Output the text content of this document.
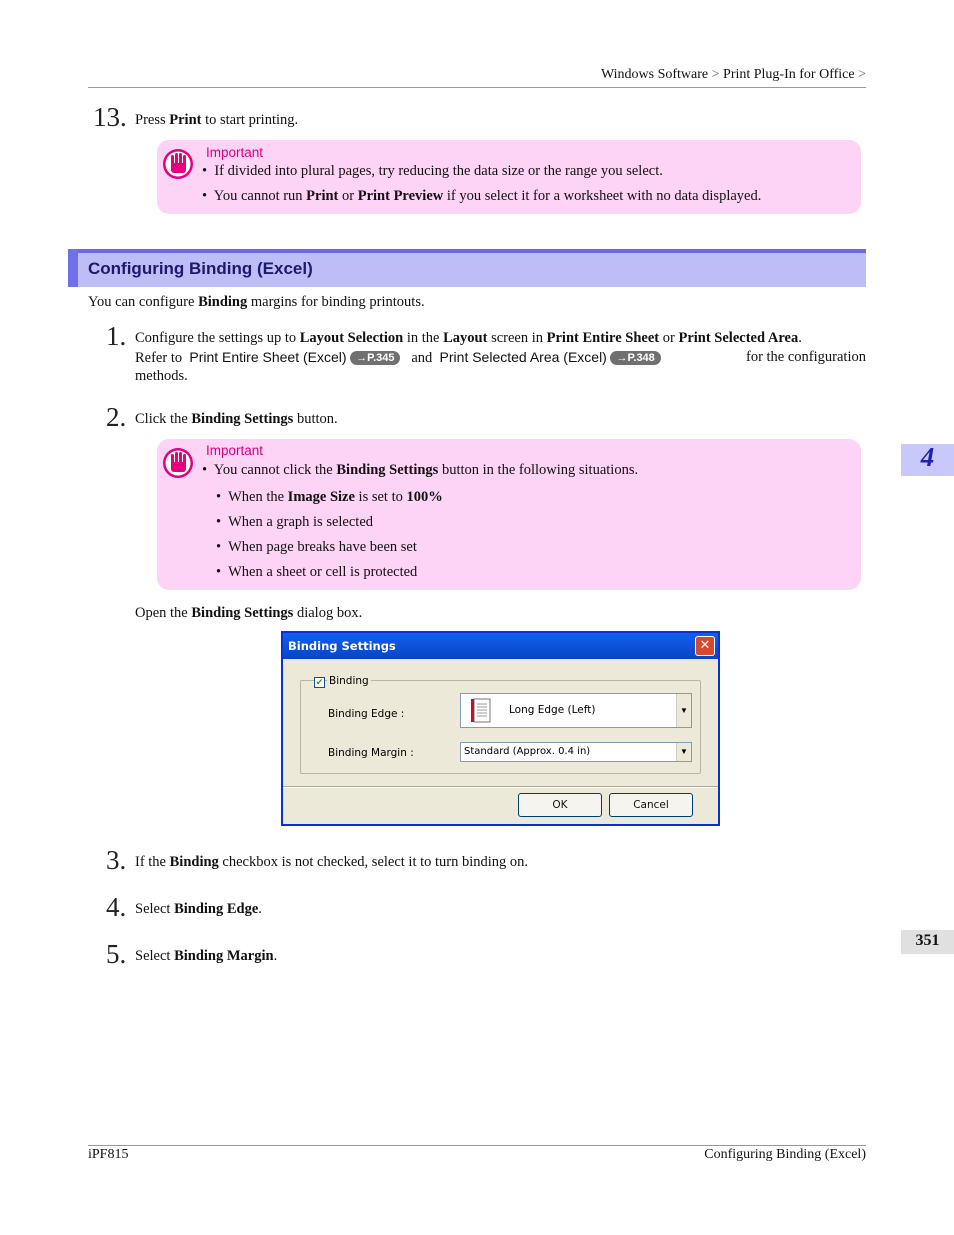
Windows Software > Print Plug-In for Office >
13. Press Print to start printing.
Important
•  If divided into plural pages, try reducing the data size or the range you select.
•  You cannot run Print or Print Preview if you select it for a worksheet with no data displayed.
Configuring Binding (Excel)
You can configure Binding margins for binding printouts.
1. Configure the settings up to Layout Selection in the Layout screen in Print Entire Sheet or Print Selected Area.
Refer to Print Entire Sheet (Excel) →P.345 and Print Selected Area (Excel) →P.348	for the configuration
methods.
2. Click the Binding Settings button.
Important
•  You cannot click the Binding Settings button in the following situations.
•  When the Image Size is set to 100%
•  When a graph is selected
•  When page breaks have been set
•  When a sheet or cell is protected
Open the Binding Settings dialog box.
Binding Settings	✕
✔ Binding
Binding Edge :	Long Edge (Left)	▼
Binding Margin :	Standard (Approx. 0.4 in)	▼
OK	Cancel
3. If the Binding checkbox is not checked, select it to turn binding on.
4. Select Binding Edge.
5. Select Binding Margin.
4
351
iPF815	Configuring Binding (Excel)
